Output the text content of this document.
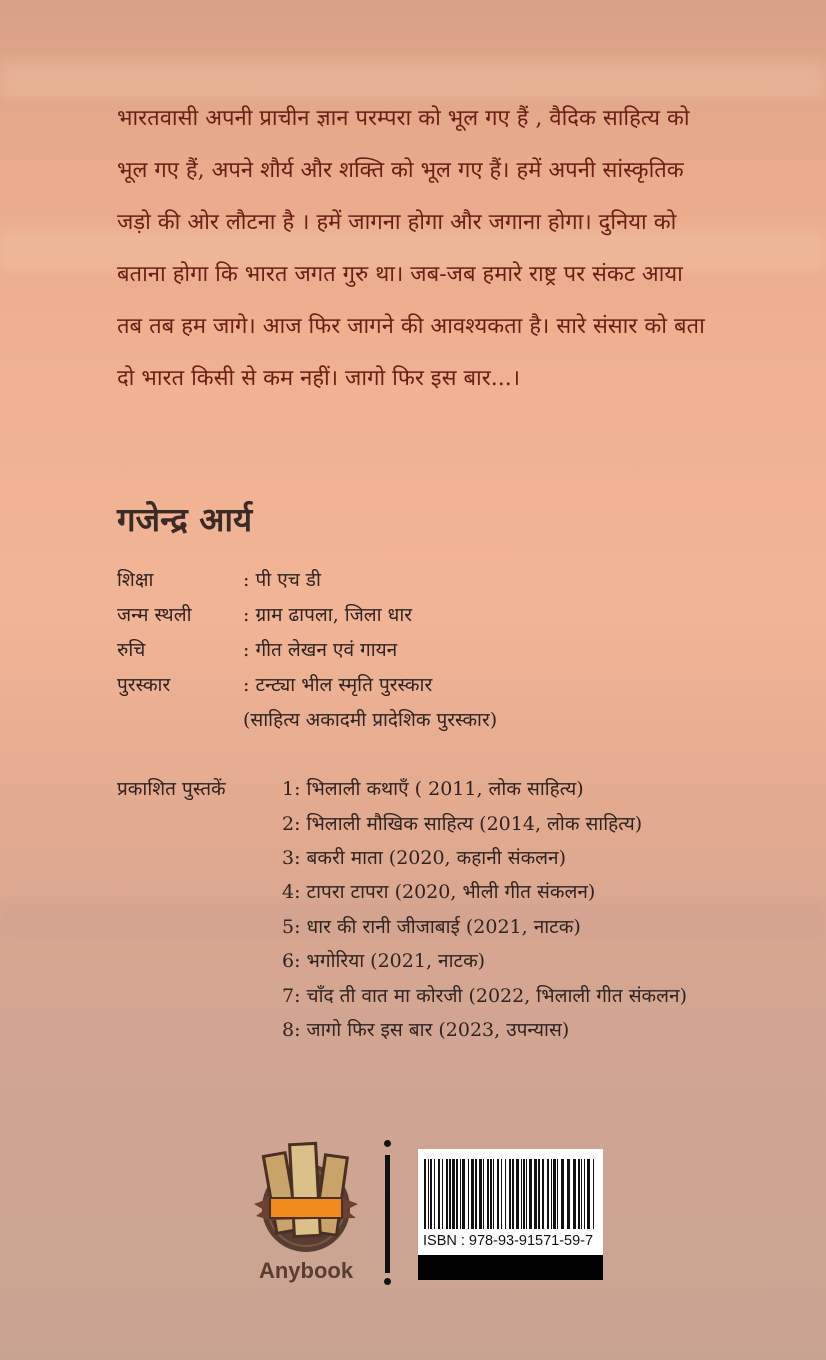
भारतवासी अपनी प्राचीन ज्ञान परम्परा को भूल गए हैं , वैदिक साहित्य को
भूल गए हैं, अपने शौर्य और शक्ति को भूल गए हैं। हमें अपनी सांस्कृतिक
जड़ो की ओर लौटना है । हमें जागना होगा और जगाना होगा। दुनिया को
बताना होगा कि भारत जगत गुरु था। जब-जब हमारे राष्ट्र पर संकट आया
तब तब हम जागे। आज फिर जागने की आवश्यकता है। सारे संसार को बता
दो भारत किसी से कम नहीं। जागो फिर इस बार...।
गजेन्द्र आर्य
शिक्षा	: पी एच डी
जन्म स्थली	: ग्राम ढापला, जिला धार
रुचि	: गीत लेखन एवं गायन
पुरस्कार	: टन्ट्या भील स्मृति पुरस्कार
(साहित्य अकादमी प्रादेशिक पुरस्कार)
प्रकाशित पुस्तकें	1: भिलाली कथाएँ ( 2011, लोक साहित्य)
2: भिलाली मौखिक साहित्य (2014, लोक साहित्य)
3: बकरी माता (2020, कहानी संकलन)
4: टापरा टापरा (2020, भीली गीत संकलन)
5: धार की रानी जीजाबाई (2021, नाटक)
6: भगोरिया (2021, नाटक)
7: चाँद ती वात मा कोरजी (2022, भिलाली गीत संकलन)
8: जागो फिर इस बार (2023, उपन्यास)
Anybook
ISBN : 978-93-91571-59-7
